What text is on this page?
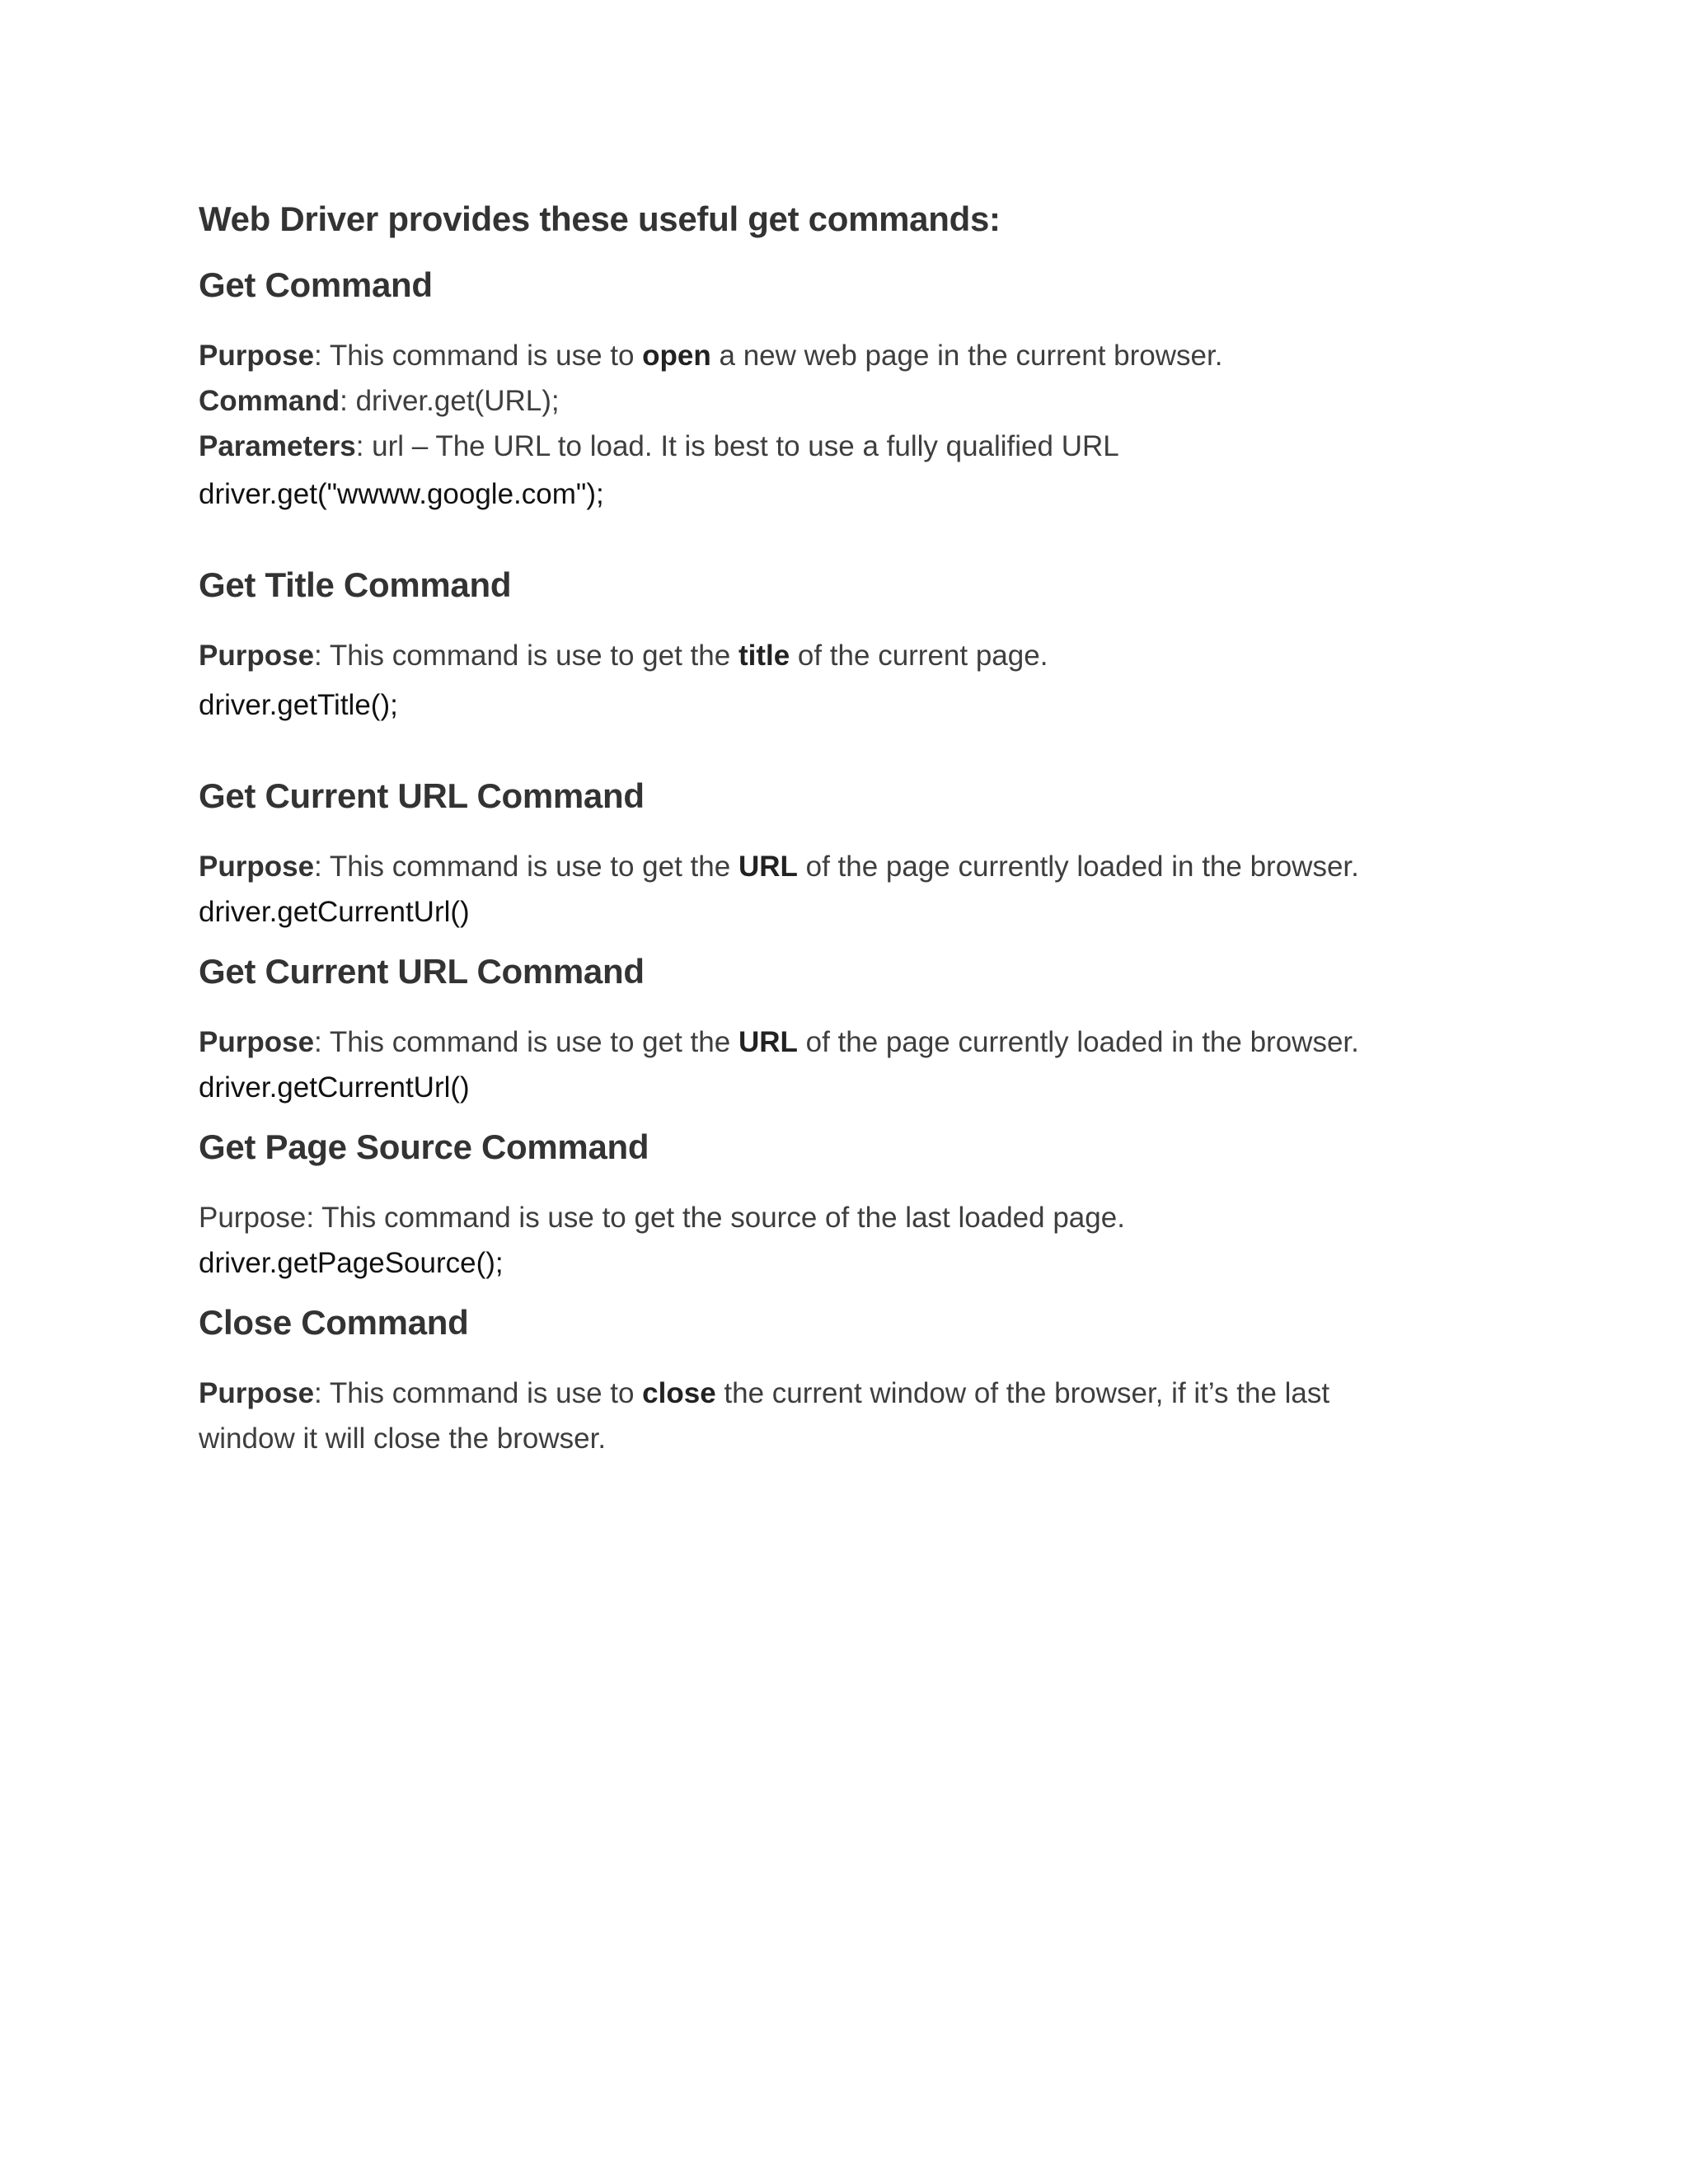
Web Driver provides these useful get commands:
Get Command

Purpose: This command is use to open a new web page in the current browser.

Command: driver.get(URL);

Parameters: url – The URL to load. It is best to use a fully qualified URL

driver.get("wwww.google.com");

Get Title Command

Purpose: This command is use to get the title of the current page.

driver.getTitle();

Get Current URL Command

Purpose: This command is use to get the URL of the page currently loaded in the browser.

driver.getCurrentUrl()

Get Current URL Command

Purpose: This command is use to get the URL of the page currently loaded in the browser.

driver.getCurrentUrl()

Get Page Source Command

Purpose: This command is use to get the source of the last loaded page.

driver.getPageSource();

Close Command

Purpose: This command is use to close the current window of the browser, if it’s the last

window it will close the browser.
